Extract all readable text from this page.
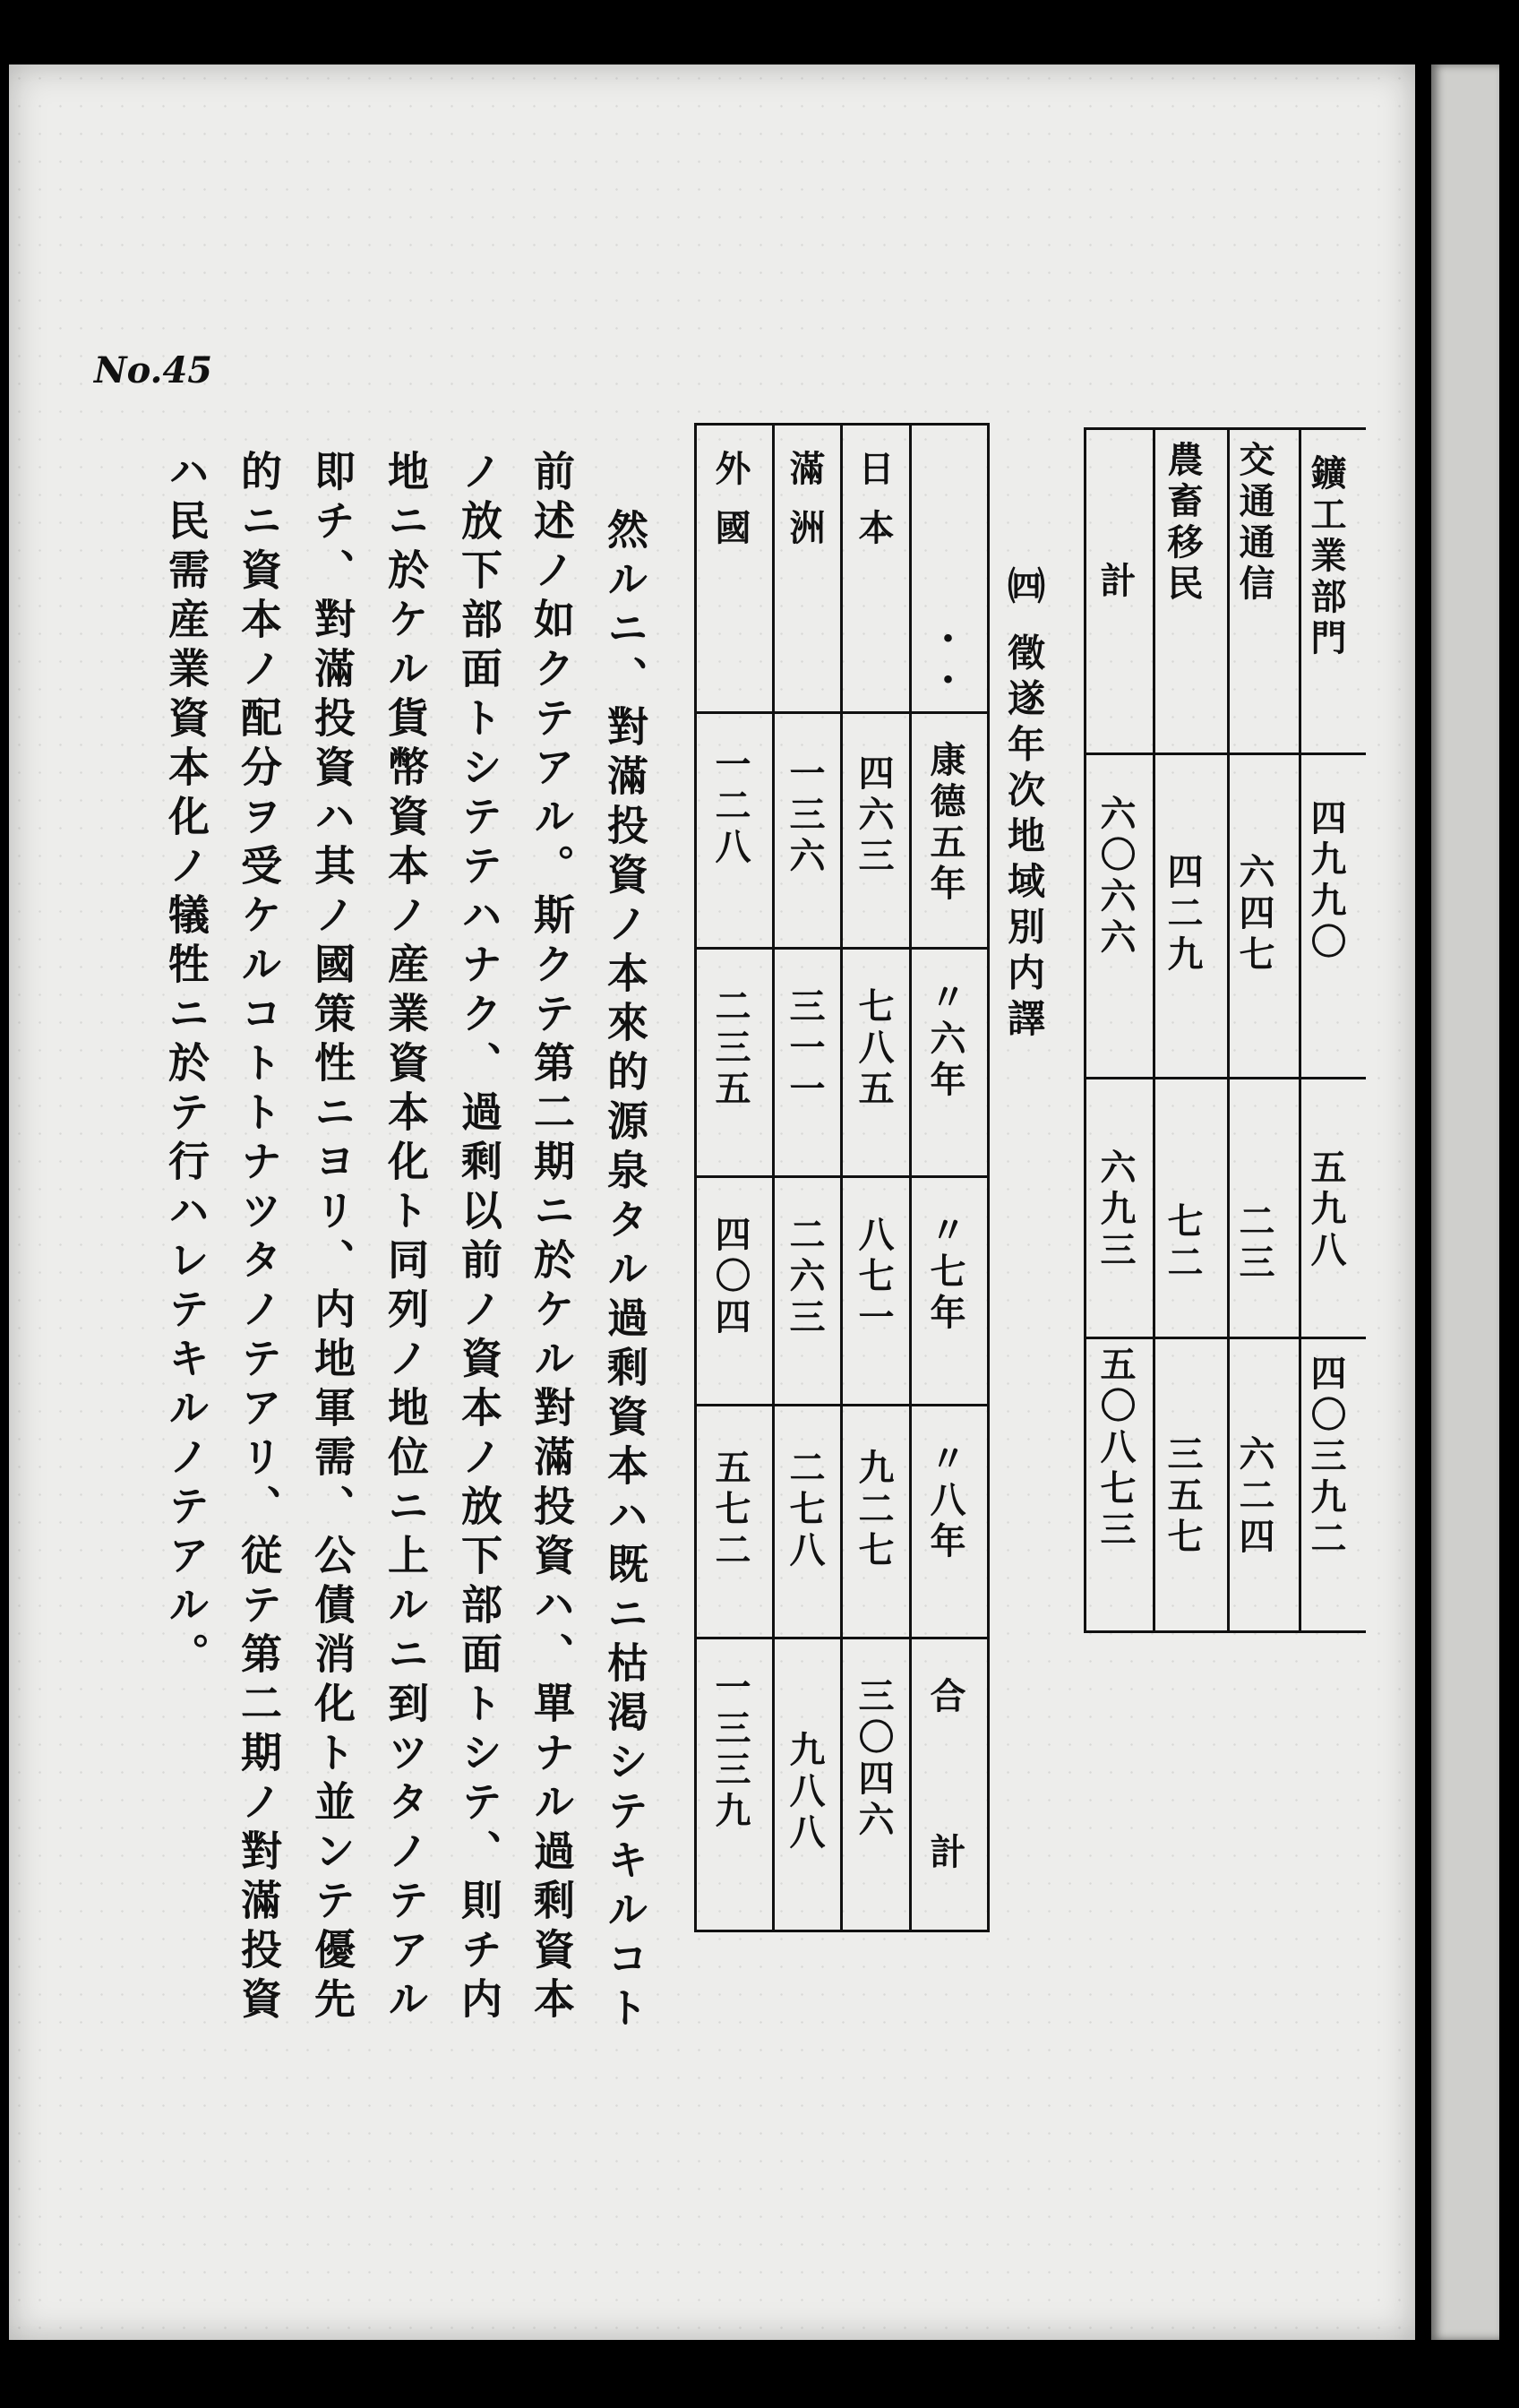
No.45
鑛工業部門
交通通信
農畜移民
計
四九九〇
五九八
四〇三九二
六四七
二三
六二四
四二九
七二
三五七
六〇六六
六九三
五〇八七三
㈣ 徵遂年次地域別内譯
・・
康德五年
〃六年
〃七年
〃八年
合 計
日 本
四六三
七八五
八七一
九二七
三〇四六
滿 洲
一三六
三一一
二六三
二七八
九八八
外 國
一二八
二三五
四〇四
五七二
一三三九
然ルニ、對滿投資ノ本來的源泉タル過剩資本ハ既ニ枯渇シテキルコト
前述ノ如クテアル。斯クテ第二期ニ於ケル對滿投資ハ、單ナル過剩資本
ノ放下部面トシテテハナク、過剩以前ノ資本ノ放下部面トシテ、則チ内
地ニ於ケル貨幣資本ノ産業資本化ト同列ノ地位ニ上ルニ到ツタノテアル
即チ、對滿投資ハ其ノ國策性ニヨリ、内地軍需、公債消化ト並ンテ優先
的ニ資本ノ配分ヲ受ケルコトトナツタノテアリ、従テ第二期ノ對滿投資
ハ民需産業資本化ノ犠牲ニ於テ行ハレテキルノテアル。
